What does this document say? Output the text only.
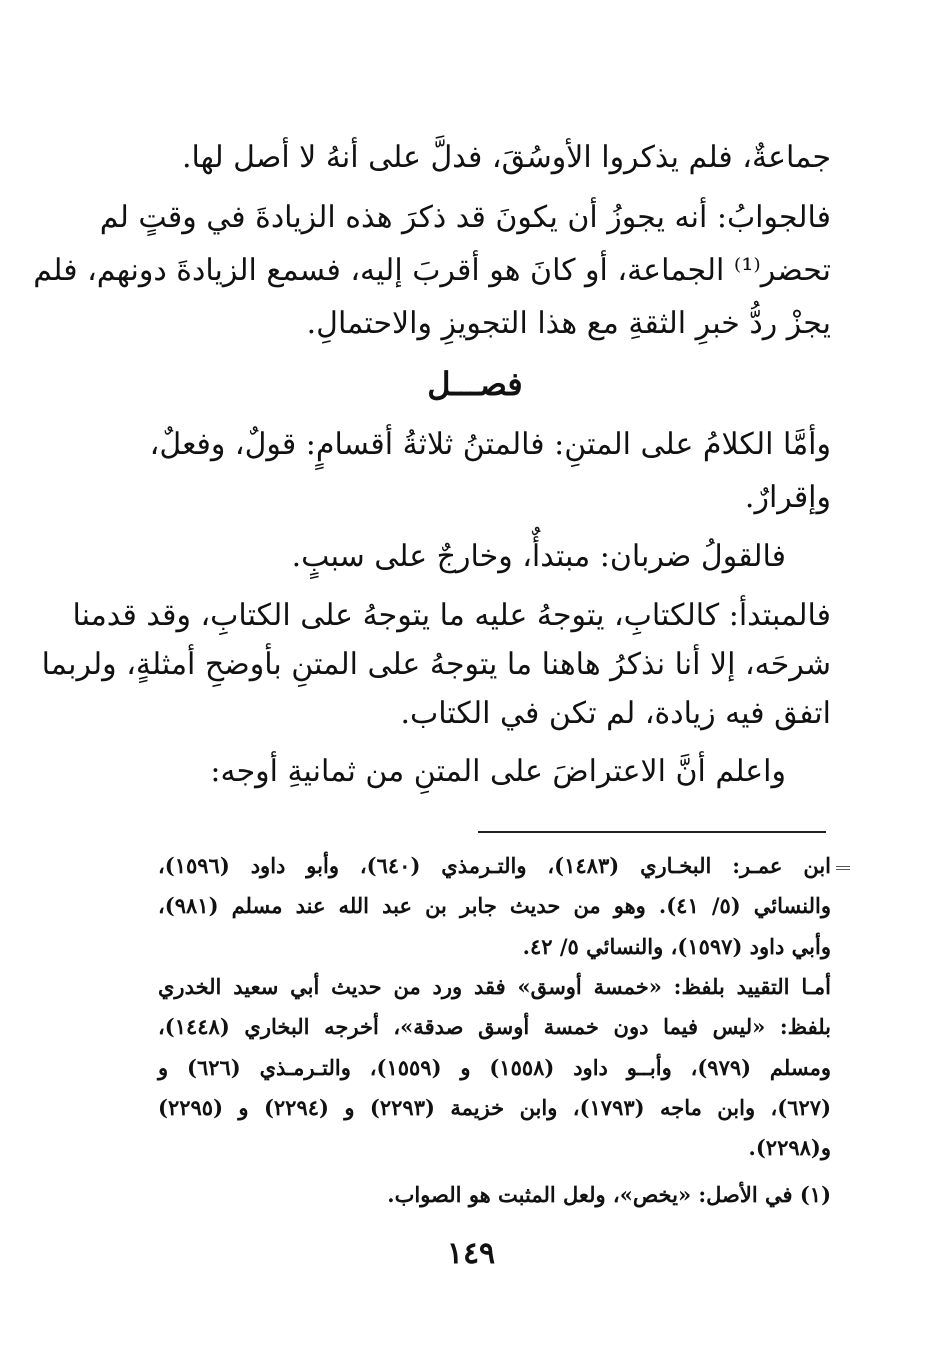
جماعةٌ، فلم يذكروا الأوسُقَ، فدلَّ على أنهُ لا أصل لها.
فالجوابُ: أنه يجوزُ أن يكونَ قد ذكرَ هذه الزيادةَ في وقتٍ لم
تحضر⁽¹⁾ الجماعة، أو كانَ هو أقربَ إليه، فسمع الزيادةَ دونهم، فلم
يجزْ ردُّ خبرِ الثقةِ مع هذا التجويزِ والاحتمالِ.
فصـــل
وأمَّا الكلامُ على المتنِ: فالمتنُ ثلاثةُ أقسامٍ: قولٌ، وفعلٌ،
وإقرارٌ.
فالقولُ ضربان: مبتدأٌ، وخارجٌ على سببٍ.
فالمبتدأ: كالكتابِ، يتوجهُ عليه ما يتوجهُ على الكتابِ، وقد قدمنا
شرحَه، إلا أنا نذكرُ هاهنا ما يتوجهُ على المتنِ بأوضحِ أمثلةٍ، ولربما
اتفق فيه زيادة، لم تكن في الكتاب.
واعلم أنَّ الاعتراضَ على المتنِ من ثمانيةِ أوجه:
ابن عمـر: البخـاري (١٤٨٣)، والتـرمذي (٦٤٠)، وأبو داود (١٥٩٦)،
والنسائي (٥/ ٤١). وهو من حديث جابر بن عبد الله عند مسلم (٩٨١)،
وأبي داود (١٥٩٧)، والنسائي ٥/ ٤٢.
أمـا التقييد بلفظ: «خمسة أوسق» فقد ورد من حديث أبي سعيد الخدري
بلفظ: «ليس فيما دون خمسة أوسق صدقة»، أخرجه البخاري (١٤٤٨)،
ومسلم (٩٧٩)، وأبــو داود (١٥٥٨) و (١٥٥٩)، والتـرمـذي (٦٢٦) و
(٦٢٧)، وابن ماجه (١٧٩٣)، وابن خزيمة (٢٢٩٣) و (٢٢٩٤) و (٢٢٩٥)
و(٢٢٩٨).
(١) في الأصل: «يخص»، ولعل المثبت هو الصواب.
١٤٩
